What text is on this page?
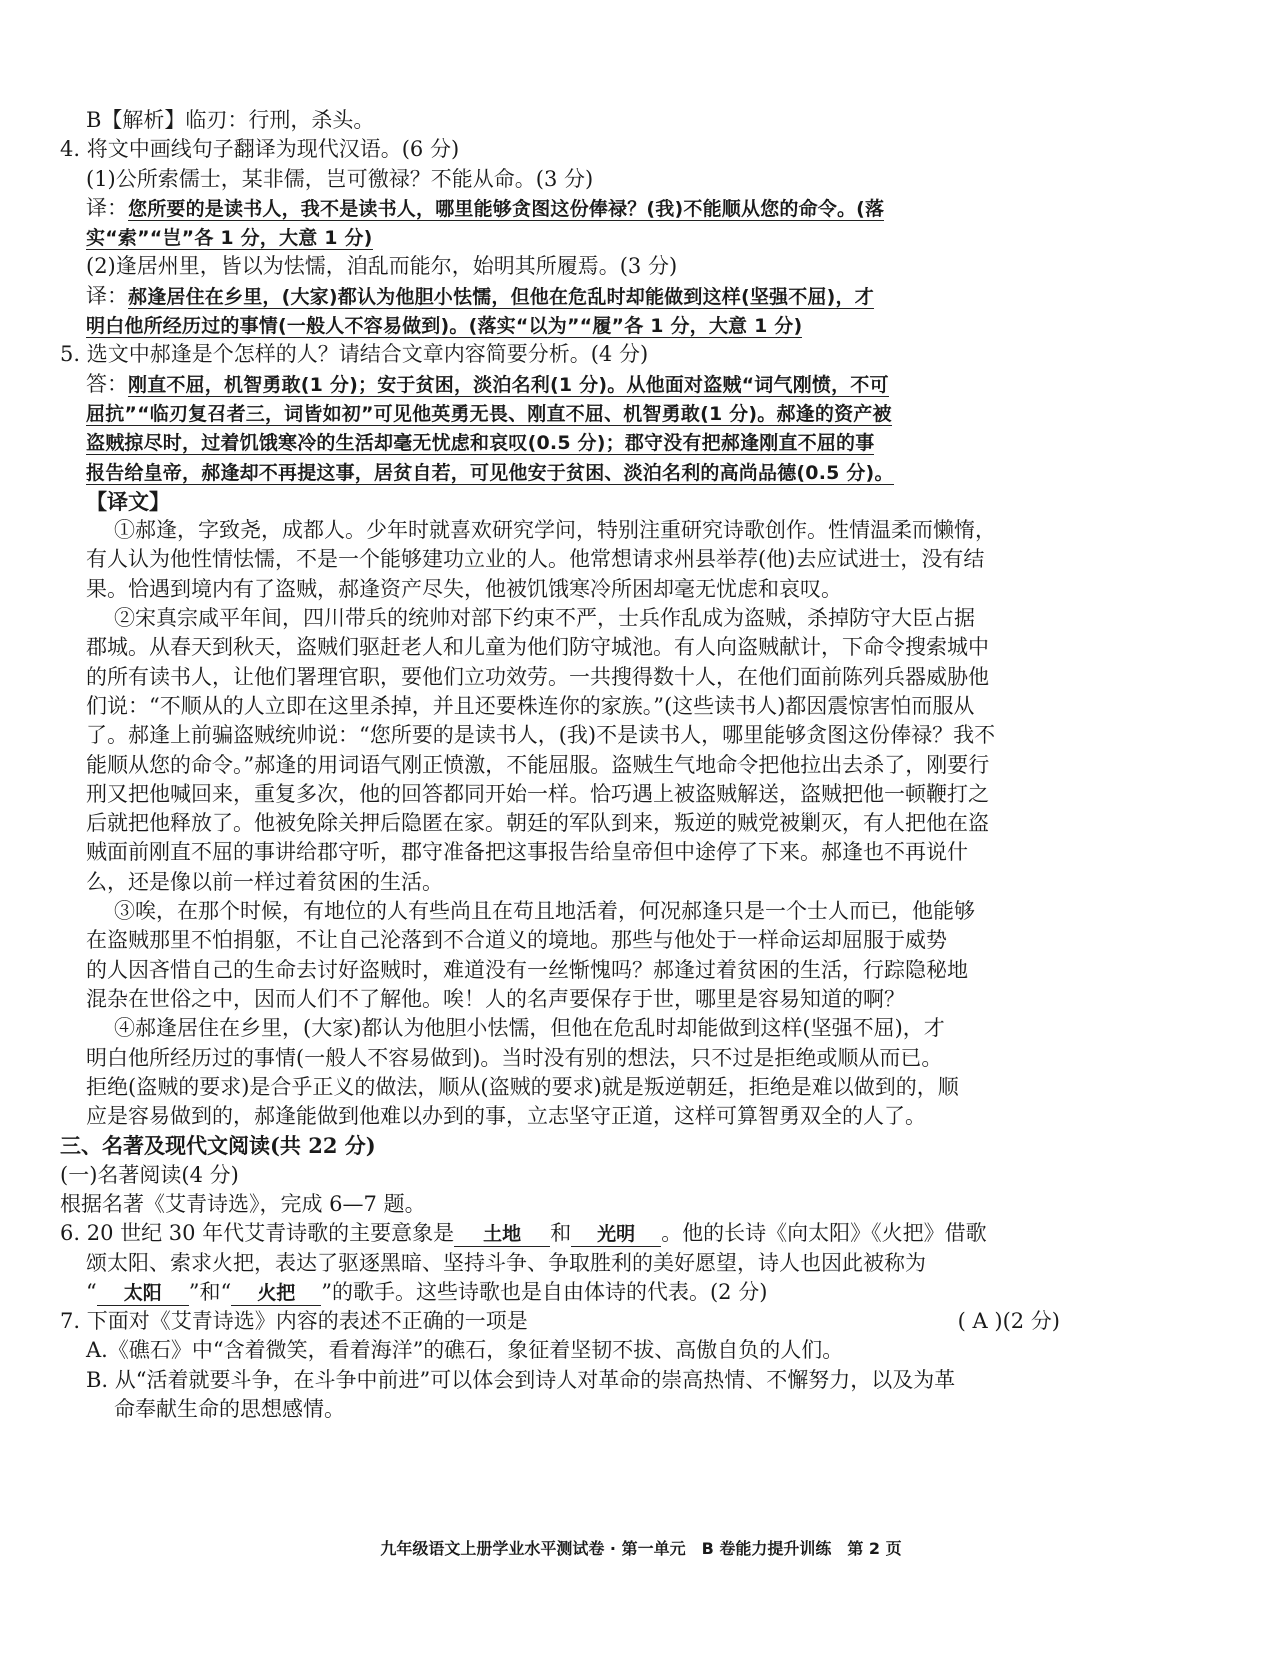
B【解析】临刃：行刑，杀头。
4. 将文中画线句子翻译为现代汉语。(6 分)
(1)公所索儒士，某非儒，岂可徼禄？不能从命。(3 分)
译：您所要的是读书人，我不是读书人，哪里能够贪图这份俸禄？(我)不能顺从您的命令。(落
实“索”“岂”各 1 分，大意 1 分)
(2)逢居州里，皆以为怯懦，洎乱而能尔，始明其所履焉。(3 分)
译：郝逢居住在乡里，(大家)都认为他胆小怯懦，但他在危乱时却能做到这样(坚强不屈)，才
明白他所经历过的事情(一般人不容易做到)。(落实“以为”“履”各 1 分，大意 1 分)
5. 选文中郝逢是个怎样的人？请结合文章内容简要分析。(4 分)
答：刚直不屈，机智勇敢(1 分)；安于贫困，淡泊名利(1 分)。从他面对盗贼“词气刚愤，不可
屈抗”“临刃复召者三，词皆如初”可见他英勇无畏、刚直不屈、机智勇敢(1 分)。郝逢的资产被
盗贼掠尽时，过着饥饿寒冷的生活却毫无忧虑和哀叹(0.5 分)；郡守没有把郝逢刚直不屈的事
报告给皇帝，郝逢却不再提这事，居贫自若，可见他安于贫困、淡泊名利的高尚品德(0.5 分)。
【译文】
①郝逢，字致尧，成都人。少年时就喜欢研究学问，特别注重研究诗歌创作。性情温柔而懒惰，
有人认为他性情怯懦，不是一个能够建功立业的人。他常想请求州县举荐(他)去应试进士，没有结
果。恰遇到境内有了盗贼，郝逢资产尽失，他被饥饿寒冷所困却毫无忧虑和哀叹。
②宋真宗咸平年间，四川带兵的统帅对部下约束不严，士兵作乱成为盗贼，杀掉防守大臣占据
郡城。从春天到秋天，盗贼们驱赶老人和儿童为他们防守城池。有人向盗贼献计，下命令搜索城中
的所有读书人，让他们署理官职，要他们立功效劳。一共搜得数十人，在他们面前陈列兵器威胁他
们说：“不顺从的人立即在这里杀掉，并且还要株连你的家族。”(这些读书人)都因震惊害怕而服从
了。郝逢上前骗盗贼统帅说：“您所要的是读书人，(我)不是读书人，哪里能够贪图这份俸禄？我不
能顺从您的命令。”郝逢的用词语气刚正愤激，不能屈服。盗贼生气地命令把他拉出去杀了，刚要行
刑又把他喊回来，重复多次，他的回答都同开始一样。恰巧遇上被盗贼解送，盗贼把他一顿鞭打之
后就把他释放了。他被免除关押后隐匿在家。朝廷的军队到来，叛逆的贼党被剿灭，有人把他在盗
贼面前刚直不屈的事讲给郡守听，郡守准备把这事报告给皇帝但中途停了下来。郝逢也不再说什
么，还是像以前一样过着贫困的生活。
③唉，在那个时候，有地位的人有些尚且在苟且地活着，何况郝逢只是一个士人而已，他能够
在盗贼那里不怕捐躯，不让自己沦落到不合道义的境地。那些与他处于一样命运却屈服于威势
的人因吝惜自己的生命去讨好盗贼时，难道没有一丝惭愧吗？郝逢过着贫困的生活，行踪隐秘地
混杂在世俗之中，因而人们不了解他。唉！人的名声要保存于世，哪里是容易知道的啊？
④郝逢居住在乡里，(大家)都认为他胆小怯懦，但他在危乱时却能做到这样(坚强不屈)，才
明白他所经历过的事情(一般人不容易做到)。当时没有别的想法，只不过是拒绝或顺从而已。
拒绝(盗贼的要求)是合乎正义的做法，顺从(盗贼的要求)就是叛逆朝廷，拒绝是难以做到的，顺
应是容易做到的，郝逢能做到他难以办到的事，立志坚守正道，这样可算智勇双全的人了。
三、名著及现代文阅读(共 22 分)
(一)名著阅读(4 分)
根据名著《艾青诗选》，完成 6—7 题。
6. 20 世纪 30 年代艾青诗歌的主要意象是 土地 和 光明 。他的长诗《向太阳》《火把》借歌
颂太阳、索求火把，表达了驱逐黑暗、坚持斗争、争取胜利的美好愿望，诗人也因此被称为
“ 太阳 ”和“ 火把 ”的歌手。这些诗歌也是自由体诗的代表。(2 分)
7. 下面对《艾青诗选》内容的表述不正确的一项是	( A )(2 分)
A.《礁石》中“含着微笑，看着海洋”的礁石，象征着坚韧不拔、高傲自负的人们。
B. 从“活着就要斗争，在斗争中前进”可以体会到诗人对革命的崇高热情、不懈努力，以及为革
命奉献生命的思想感情。
九年级语文上册学业水平测试卷 · 第一单元　B 卷能力提升训练　第 2 页
